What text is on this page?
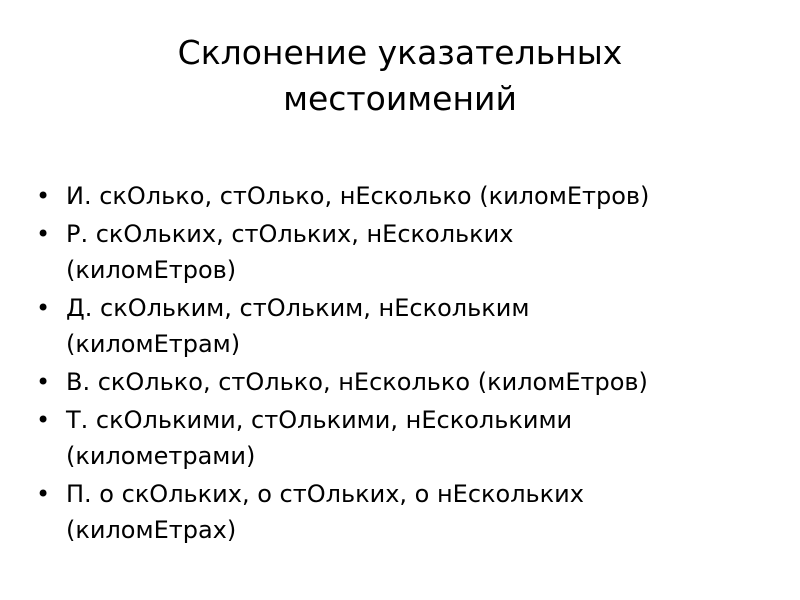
Склонение указательных
местоимений
• И. скОлько, стОлько, нЕсколько (киломЕтров)
• Р. скОльких, стОльких, нЕскольких
(киломЕтров)
• Д. скОльким, стОльким, нЕскольким
(киломЕтрам)
• В. скОлько, стОлько, нЕсколько (киломЕтров)
• Т. скОлькими, стОлькими, нЕсколькими
(километрами)
• П. о скОльких, о стОльких, о нЕскольких
(киломЕтрах)
